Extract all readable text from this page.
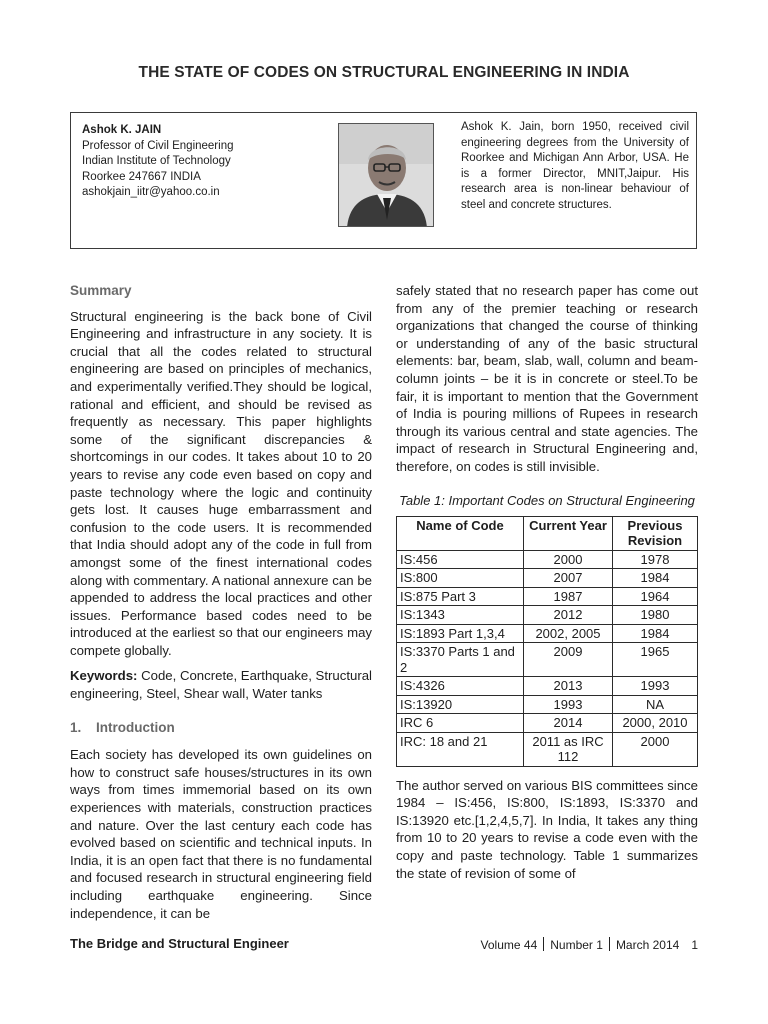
THE STATE OF CODES ON STRUCTURAL ENGINEERING IN INDIA
Ashok K. JAIN
Professor of Civil Engineering
Indian Institute of Technology
Roorkee 247667 INDIA
ashokjain_iitr@yahoo.co.in
Ashok K. Jain, born 1950, received civil engineering degrees from the University of Roorkee and Michigan Ann Arbor, USA. He is a former Director, MNIT,Jaipur. His research area is non-linear behaviour of steel and concrete structures.
Summary

Structural engineering is the back bone of Civil Engineering and infrastructure in any society. It is crucial that all the codes related to structural engineering are based on principles of mechanics, and experimentally verified.They should be logical, rational and efficient, and should be revised as frequently as necessary. This paper highlights some of the significant discrepancies & shortcomings in our codes. It takes about 10 to 20 years to revise any code even based on copy and paste technology where the logic and continuity gets lost. It causes huge embarrassment and confusion to the code users. It is recommended that India should adopt any of the code in full from amongst some of the finest international codes along with commentary. A national annexure can be appended to address the local practices and other issues. Performance based codes need to be introduced at the earliest so that our engineers may compete globally.

Keywords: Code, Concrete, Earthquake, Structural engineering, Steel, Shear wall, Water tanks

1. Introduction

Each society has developed its own guidelines on how to construct safe houses/structures in its own ways from times immemorial based on its own experiences with materials, construction practices and nature. Over the last century each code has evolved based on scientific and technical inputs. In India, it is an open fact that there is no fundamental and focused research in structural engineering field including earthquake engineering. Since independence, it can be

safely stated that no research paper has come out from any of the premier teaching or research organizations that changed the course of thinking or understanding of any of the basic structural elements: bar, beam, slab, wall, column and beam-column joints – be it is in concrete or steel.To be fair, it is important to mention that the Government of India is pouring millions of Rupees in research through its various central and state agencies. The impact of research in Structural Engineering and, therefore, on codes is still invisible.

Table 1: Important Codes on Structural Engineering
Name of Code	Current Year	Previous Revision
IS:456	2000	1978
IS:800	2007	1984
IS:875 Part 3	1987	1964
IS:1343	2012	1980
IS:1893 Part 1,3,4	2002, 2005	1984
IS:3370 Parts 1 and 2	2009	1965
IS:4326	2013	1993
IS:13920	1993	NA
IRC 6	2014	2000, 2010
IRC: 18 and 21	2011 as IRC 112	2000

The author served on various BIS committees since 1984 – IS:456, IS:800, IS:1893, IS:3370 and IS:13920 etc.[1,2,4,5,7]. In India, It takes any thing from 10 to 20 years to revise a code even with the copy and paste technology. Table 1 summarizes the state of revision of some of

The Bridge and Structural Engineer	Volume 44 Number 1 March 2014 1
